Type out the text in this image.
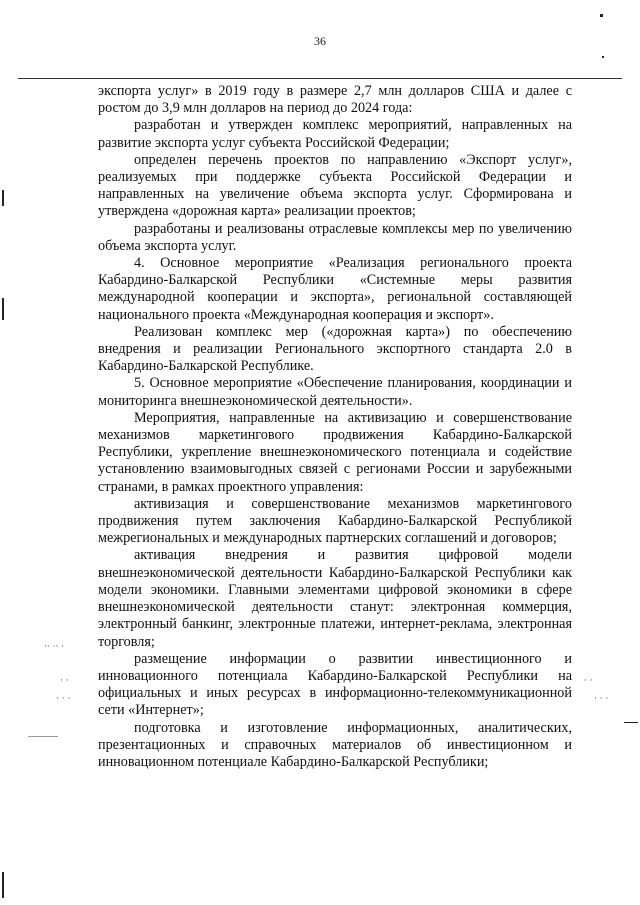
36

экспорта услуг» в 2019 году в размере 2,7 млн долларов США и далее с ростом до 3,9 млн долларов на период до 2024 года:

разработан и утвержден комплекс мероприятий, направленных на развитие экспорта услуг субъекта Российской Федерации;

определен перечень проектов по направлению «Экспорт услуг», реализуемых при поддержке субъекта Российской Федерации и направленных на увеличение объема экспорта услуг. Сформирована и утверждена «дорожная карта» реализации проектов;

разработаны и реализованы отраслевые комплексы мер по увеличению объема экспорта услуг.

4. Основное мероприятие «Реализация регионального проекта Кабардино-Балкарской Республики «Системные меры развития международной кооперации и экспорта», региональной составляющей национального проекта «Международная кооперация и экспорт».

Реализован комплекс мер («дорожная карта») по обеспечению внедрения и реализации Регионального экспортного стандарта 2.0 в Кабардино-Балкарской Республике.

5. Основное мероприятие «Обеспечение планирования, координации и мониторинга внешнеэкономической деятельности».

Мероприятия, направленные на активизацию и совершенствование механизмов маркетингового продвижения Кабардино-Балкарской Республики, укрепление внешнеэкономического потенциала и содействие установлению взаимовыгодных связей с регионами России и зарубежными странами, в рамках проектного управления:

активизация и совершенствование механизмов маркетингового продвижения путем заключения Кабардино-Балкарской Республикой межрегиональных и международных партнерских соглашений и договоров;

активация внедрения и развития цифровой модели внешнеэкономической деятельности Кабардино-Балкарской Республики как модели экономики. Главными элементами цифровой экономики в сфере внешнеэкономической деятельности станут: электронная коммерция, электронный банкинг, электронные платежи, интернет-реклама, электронная торговля;

размещение информации о развитии инвестиционного и инновационного потенциала Кабардино-Балкарской Республики на официальных и иных ресурсах в информационно-телекоммуникационной сети «Интернет»;

подготовка и изготовление информационных, аналитических, презентационных и справочных материалов об инвестиционном и инновационном потенциале Кабардино-Балкарской Республики;

·· ·· ·
· ·
· · ·
· ·
· · ·
